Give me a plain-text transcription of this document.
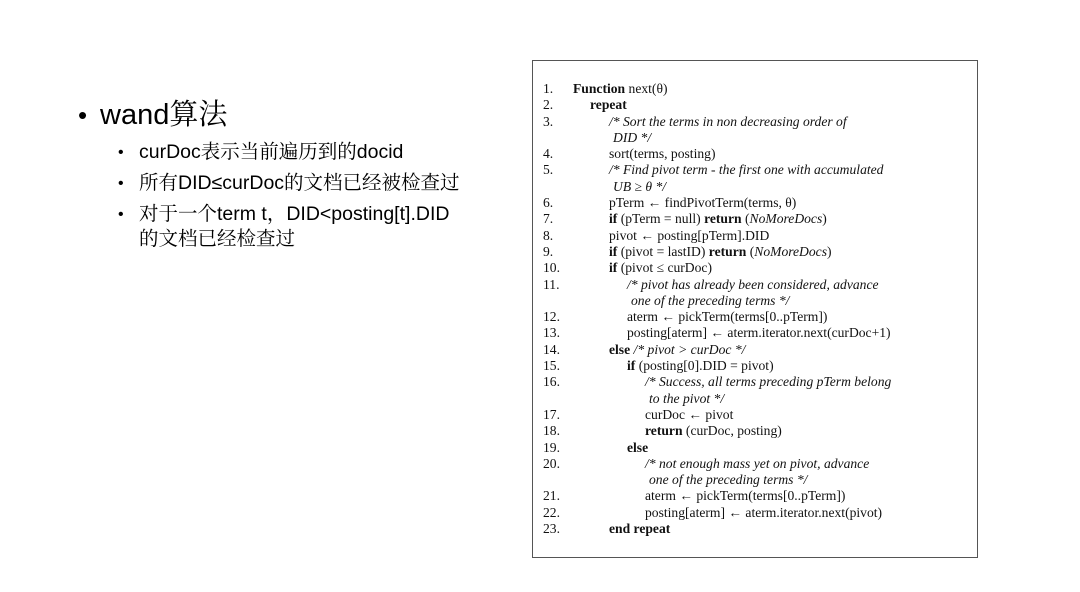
• wand算法
• curDoc表示当前遍历到的docid
• 所有DID≤curDoc的文档已经被检查过
• 对于一个term t，DID<posting[t].DID
的文档已经检查过
1.	Function next(θ)
2.	repeat
3.	/* Sort the terms in non decreasing order of
DID */
4.	sort(terms, posting)
5.	/* Find pivot term - the first one with accumulated
UB ≥ θ */
6.	pTerm ← findPivotTerm(terms, θ)
7.	if (pTerm = null) return (NoMoreDocs)
8.	pivot ← posting[pTerm].DID
9.	if (pivot = lastID) return (NoMoreDocs)
10.	if (pivot ≤ curDoc)
11.	/* pivot has already been considered, advance
one of the preceding terms */
12.	aterm ← pickTerm(terms[0..pTerm])
13.	posting[aterm] ← aterm.iterator.next(curDoc+1)
14.	else /* pivot > curDoc */
15.	if (posting[0].DID = pivot)
16.	/* Success, all terms preceding pTerm belong
to the pivot */
17.	curDoc ← pivot
18.	return (curDoc, posting)
19.	else
20.	/* not enough mass yet on pivot, advance
one of the preceding terms */
21.	aterm ← pickTerm(terms[0..pTerm])
22.	posting[aterm] ← aterm.iterator.next(pivot)
23.	end repeat
